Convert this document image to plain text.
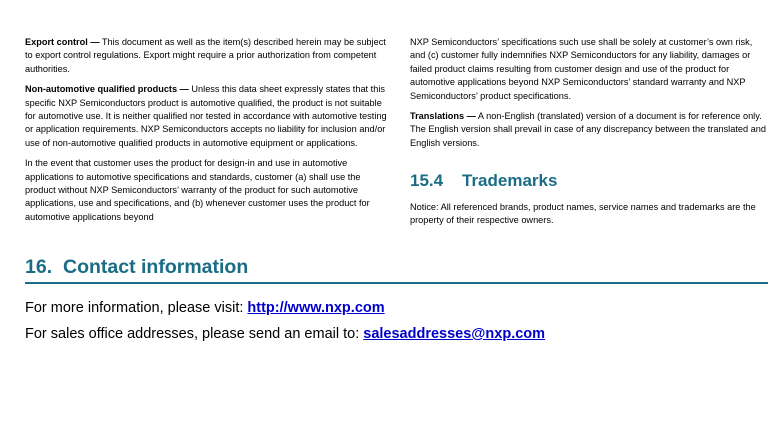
Export control — This document as well as the item(s) described herein may be subject to export control regulations. Export might require a prior authorization from competent authorities.

Non-automotive qualified products — Unless this data sheet expressly states that this specific NXP Semiconductors product is automotive qualified, the product is not suitable for automotive use. It is neither qualified nor tested in accordance with automotive testing or application requirements. NXP Semiconductors accepts no liability for inclusion and/or use of non-automotive qualified products in automotive equipment or applications.

In the event that customer uses the product for design-in and use in automotive applications to automotive specifications and standards, customer (a) shall use the product without NXP Semiconductors’ warranty of the product for such automotive applications, use and specifications, and (b) whenever customer uses the product for automotive applications beyond

NXP Semiconductors’ specifications such use shall be solely at customer’s own risk, and (c) customer fully indemnifies NXP Semiconductors for any liability, damages or failed product claims resulting from customer design and use of the product for automotive applications beyond NXP Semiconductors’ standard warranty and NXP Semiconductors’ product specifications.

Translations — A non-English (translated) version of a document is for reference only. The English version shall prevail in case of any discrepancy between the translated and English versions.

15.4 Trademarks

Notice: All referenced brands, product names, service names and trademarks are the property of their respective owners.

16. Contact information

For more information, please visit: http://www.nxp.com

For sales office addresses, please send an email to: salesaddresses@nxp.com
